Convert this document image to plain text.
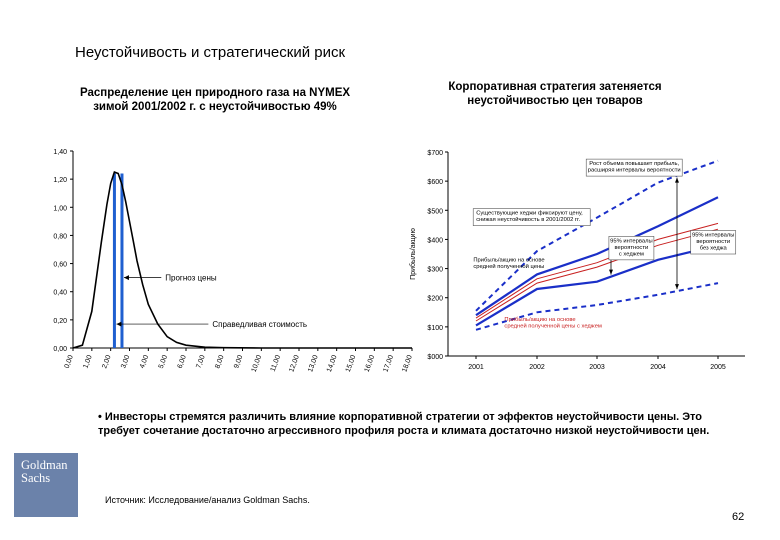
Неустойчивость и стратегический риск
Распределение цен природного газа на NYMEX
зимой 2001/2002 г. с неустойчивостью 49%
Корпоративная стратегия затеняется
неустойчивостью цен товаров
0,00
0,20
0,40
0,60
0,80
1,00
1,20
1,40
0,00 1,00 2,00 3,00 4,00 5,00 6,00 7,00 8,00 9,00 10,00 11,00 12,00 13,00 14,00 15,00 16,00 17,00 18,00
Прогноз цены
Справедливая стоимость
$000
$100
$200
$300
$400
$500
$600
$700
2001	2002	2003	2004	2005
Прибыль/акцию
Рост объема повышает прибыль,
расширяя интервалы вероятности
Существующие хеджи фиксируют цену,
снижая неустойчивость в 2001/2002 гг.
95% интервалы
вероятности
с хеджем
95% интервалы
вероятности
без хеджа
Прибыль/акцию на основе
средней полученной цены
Прибыль/акцию на основе
средней полученной цены с хеджем
• Инвесторы стремятся различить влияние корпоративной стратегии от эффектов неустойчивости цены. Это требует сочетание достаточно агрессивного профиля роста и климата достаточно низкой неустойчивости цен.
Goldman
Sachs
Источник: Исследование/анализ Goldman Sachs.
62
